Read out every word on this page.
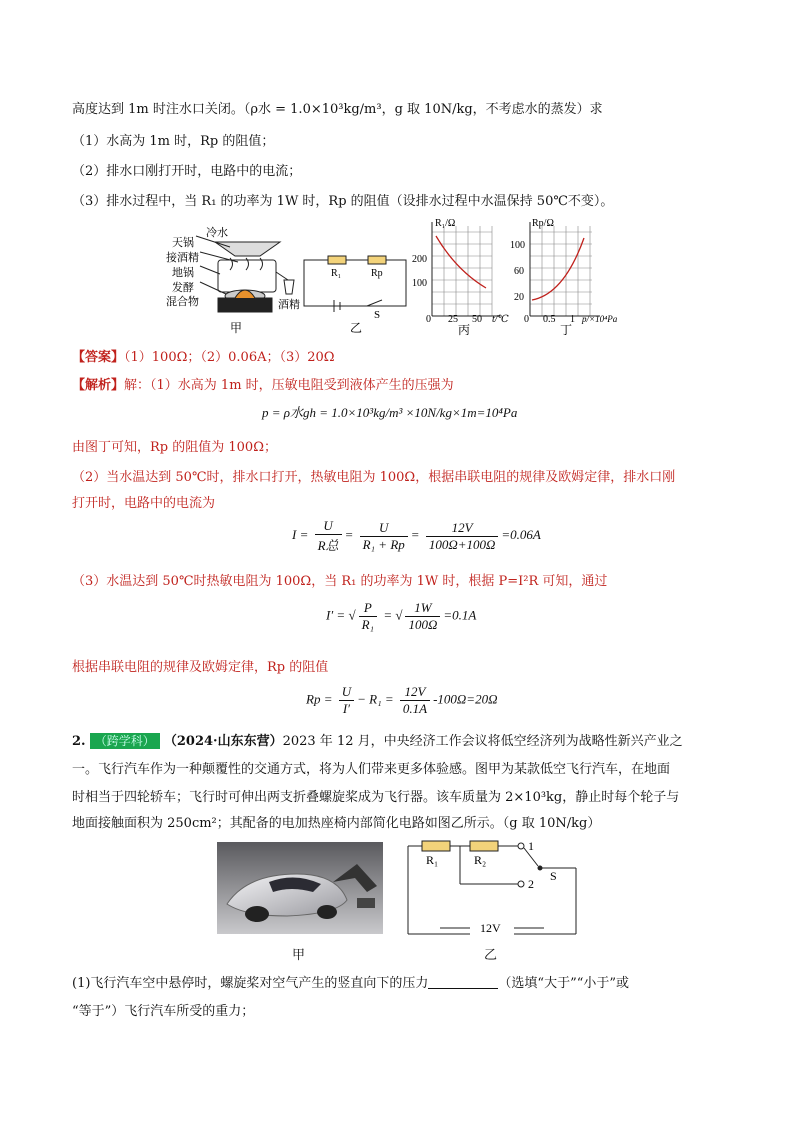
高度达到 1m 时注水口关闭。（ρ水 = 1.0×10³kg/m³，g 取 10N/kg，不考虑水的蒸发）求
（1）水高为 1m 时，Rp 的阻值；
（2）排水口刚打开时，电路中的电流；
（3）排水过程中，当 R₁ 的功率为 1W 时，Rp 的阻值（设排水过程中水温保持 50℃不变）。
冷水
天锅
接酒精
地锅
发酵
混合物	酒精
甲
R₁	Rp
S
乙
R₁/Ω
200
100
0 25 50 t/℃
丙
Rp/Ω
100
60
20
0 0.5 1 p/×10⁴Pa
丁
【答案】（1）100Ω；（2）0.06A；（3）20Ω
【解析】解：（1）水高为 1m 时，压敏电阻受到液体产生的压强为
p = ρ水gh = 1.0×10³kg/m³ ×10N/kg×1m=10⁴Pa
由图丁可知，Rp 的阻值为 100Ω；
（2）当水温达到 50℃时，排水口打开，热敏电阻为 100Ω，根据串联电阻的规律及欧姆定律，排水口刚
打开时，电路中的电流为
$I = \frac{U}{\text{R总}} = \frac{U}{\text{R₁ + Rp}} = \frac{12V}{100\Omega+100\Omega} =0.06A$
（3）水温达到 50℃时热敏电阻为 100Ω，当 R₁ 的功率为 1W 时，根据 P=I²R 可知，通过
I′ = √ $\frac{P}{\text{R₁}}$ = √ $\frac{1W}{100\Omega} =0.1A$
根据串联电阻的规律及欧姆定律，Rp 的阻值
$Rp = \frac{U}{I'} - R_1 = \frac{12V}{0.1A} -100\Omega=20\Omega$
2. （跨学科） （2024·山东东营）2023 年 12 月，中央经济工作会议将低空经济列为战略性新兴产业之
一。飞行汽车作为一种颠覆性的交通方式，将为人们带来更多体验感。图甲为某款低空飞行汽车，在地面
时相当于四轮轿车；飞行时可伸出两支折叠螺旋桨成为飞行器。该车质量为 2×10³kg，静止时每个轮子与
地面接触面积为 250cm²；其配备的电加热座椅内部简化电路如图乙所示。（g 取 10N/kg）
甲
R₁	R₂
1
2
S
12V
乙
(1)飞行汽车空中悬停时，螺旋桨对空气产生的竖直向下的压力	（选填“大于”“小于”或
“等于”）飞行汽车所受的重力；
